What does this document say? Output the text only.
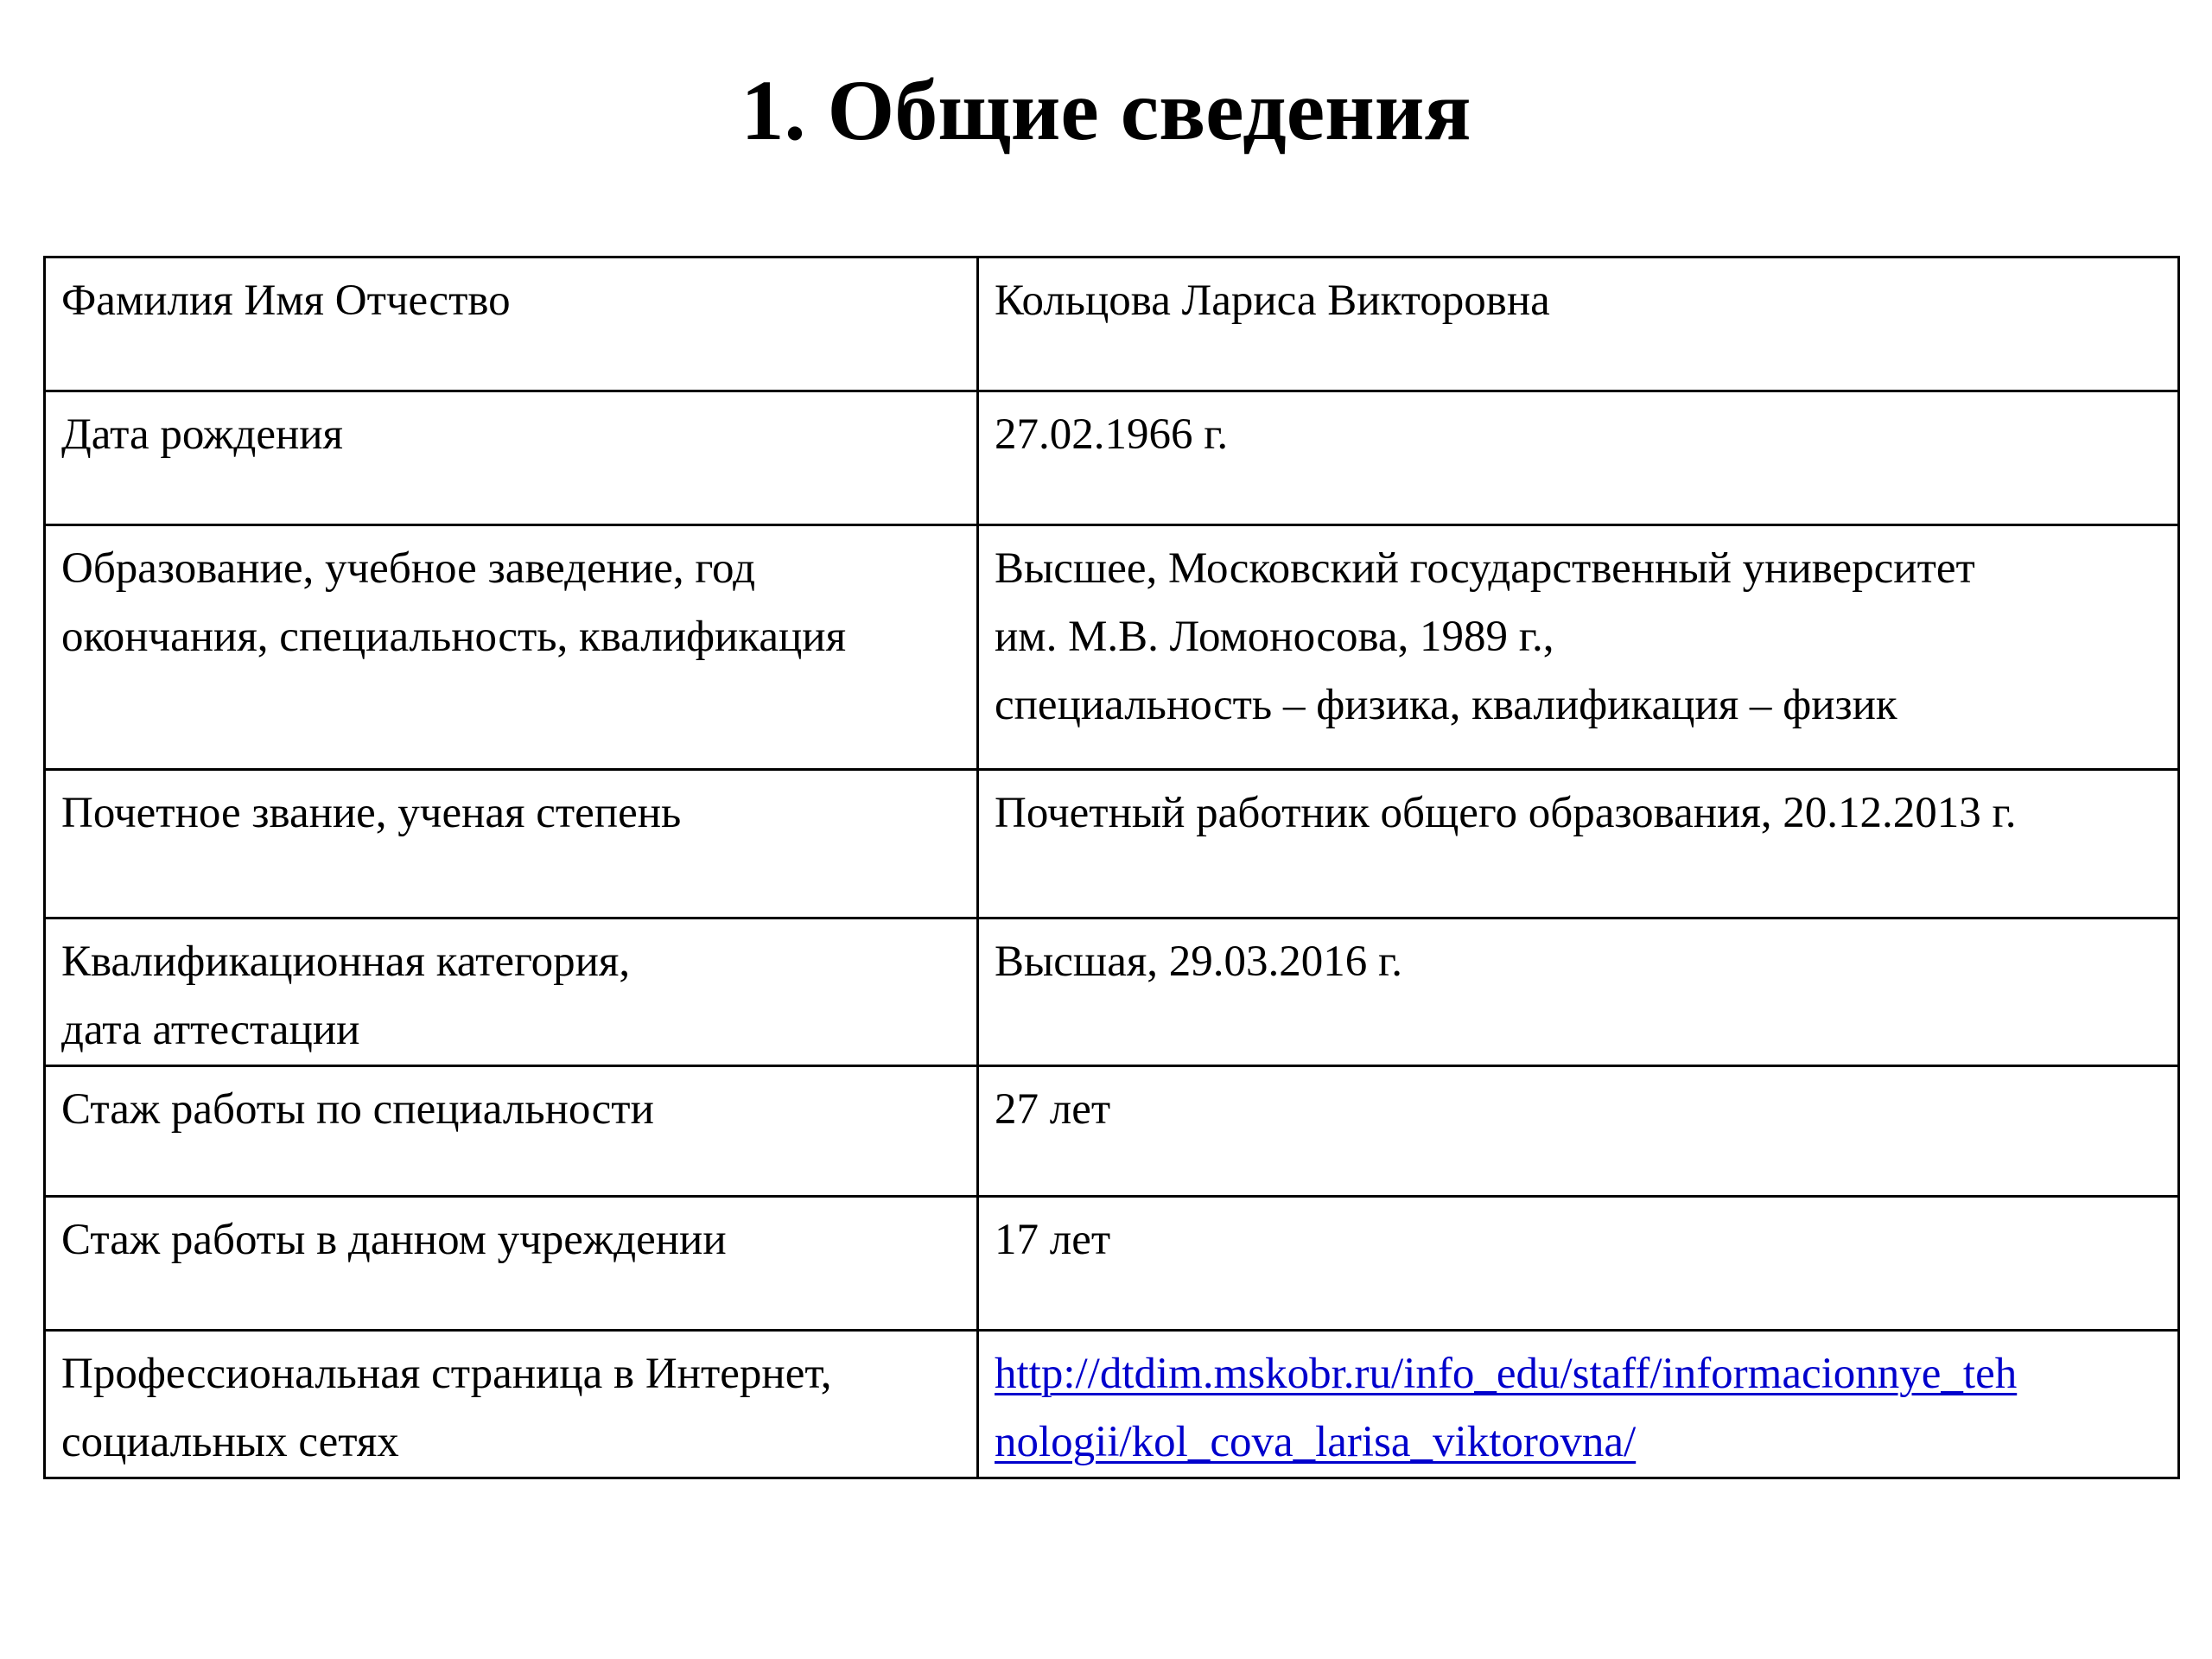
1. Общие сведения
Фамилия Имя Отчество	Кольцова Лариса Викторовна

Дата рождения	27.02.1966 г.

Образование, учебное заведение, год
окончания, специальность, квалификация	Высшее, Московский государственный университет
им. М.В. Ломоносова, 1989 г.,
специальность – физика, квалификация – физик

Почетное звание, ученая степень	Почетный работник общего образования, 20.12.2013 г.

Квалификационная категория,
дата аттестации	Высшая, 29.03.2016 г.

Стаж работы по специальности	27 лет

Стаж работы в данном учреждении	17 лет

Профессиональная страница в Интернет,
социальных сетях	http://dtdim.mskobr.ru/info_edu/staff/informacionnye_teh
nologii/kol_cova_larisa_viktorovna/
